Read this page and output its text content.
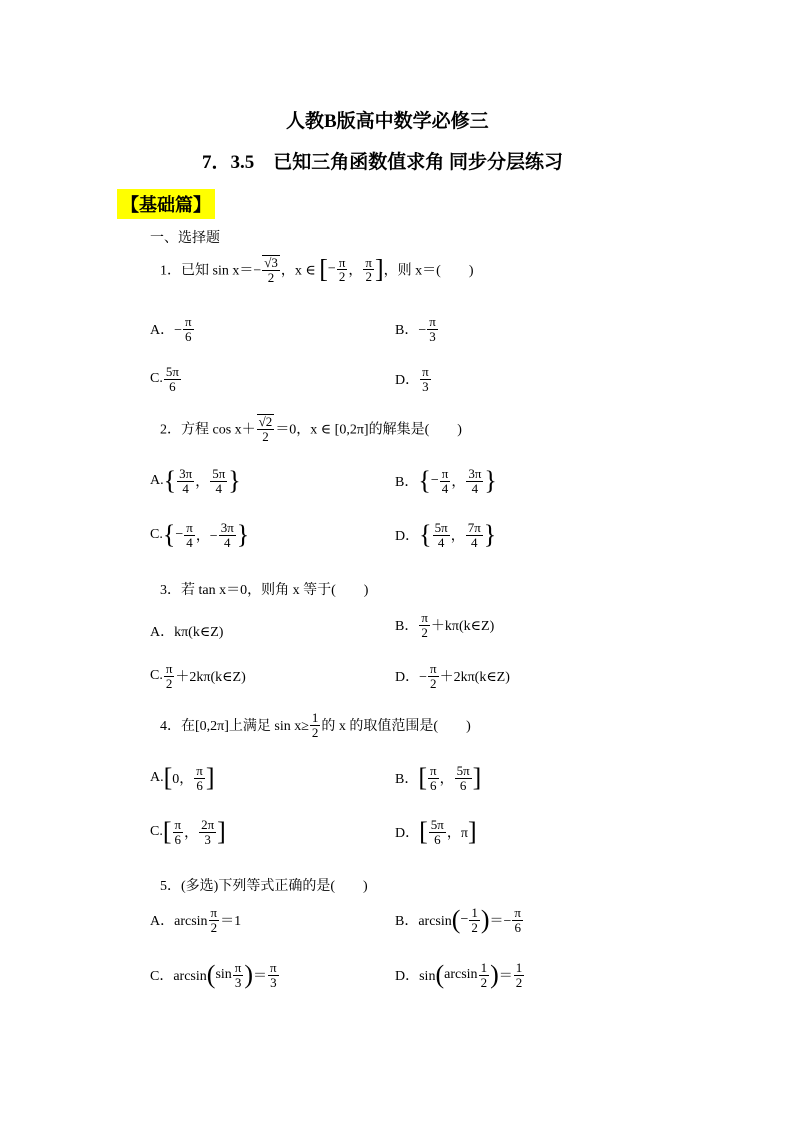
人教B版高中数学必修三
7．3.5　已知三角函数值求角 同步分层练习
【基础篇】
一、选择题
1．已知 $\sin x=- \frac{√3}{2}$ ，x ∈ [− $\frac{\pi}{2}$ ， $\frac{\pi}{2}$ ]，则 x＝(　　)
A．− $\frac{\pi}{6}$	B．− $\frac{\pi}{3}$
C. $\frac{5\pi}{6}$	D． $\frac{\pi}{3}$
2．方程 $\cos x+ \frac{√2}{2} =0$，x ∈ [0,2π]的解集是(　　)
$A.\{ \frac{3\pi}{4}$ ， $\frac{5\pi}{4}$ }	B．{− $\frac{\pi}{4}$ ， $\frac{3\pi}{4}$ }
$C.\{- \frac{\pi}{4}$ ，− $\frac{3\pi}{4}$ }	D．{ $\frac{5\pi}{4}$ ， $\frac{7\pi}{4}$ }
3．若 tan x＝0，则角 x 等于(　　)
A．kπ(k∈Z)	B． $\frac{\pi}{2}$ ＋kπ(k∈Z)
C. $\frac{\pi}{2}$ ＋2kπ(k∈Z)	D．− $\frac{\pi}{2}$ ＋2kπ(k∈Z)
4．在[0,2π]上满足 $\sin x\ge \frac{1}{2}$ 的 x 的取值范围是(　　)
A.[0， $\frac{\pi}{6}$ ]	B．[ $\frac{\pi}{6}$ ， $\frac{5\pi}{6}$ ]
$C.[ \frac{\pi}{6}$ ， $\frac{2\pi}{3}$ ]	D．[ $\frac{5\pi}{6}$ ，π]
5．(多选)下列等式正确的是(　　)
A．$\arcsin \frac{\pi}{2} =1$	B．$\arcsin(- \frac{1}{2}$ )＝− $\frac{\pi}{6}$
C．$\arcsin(\sin \frac{\pi}{3}$ )＝ $\frac{\pi}{3}$	D．$\sin(\arcsin \frac{1}{2}$ )＝ $\frac{1}{2}$
